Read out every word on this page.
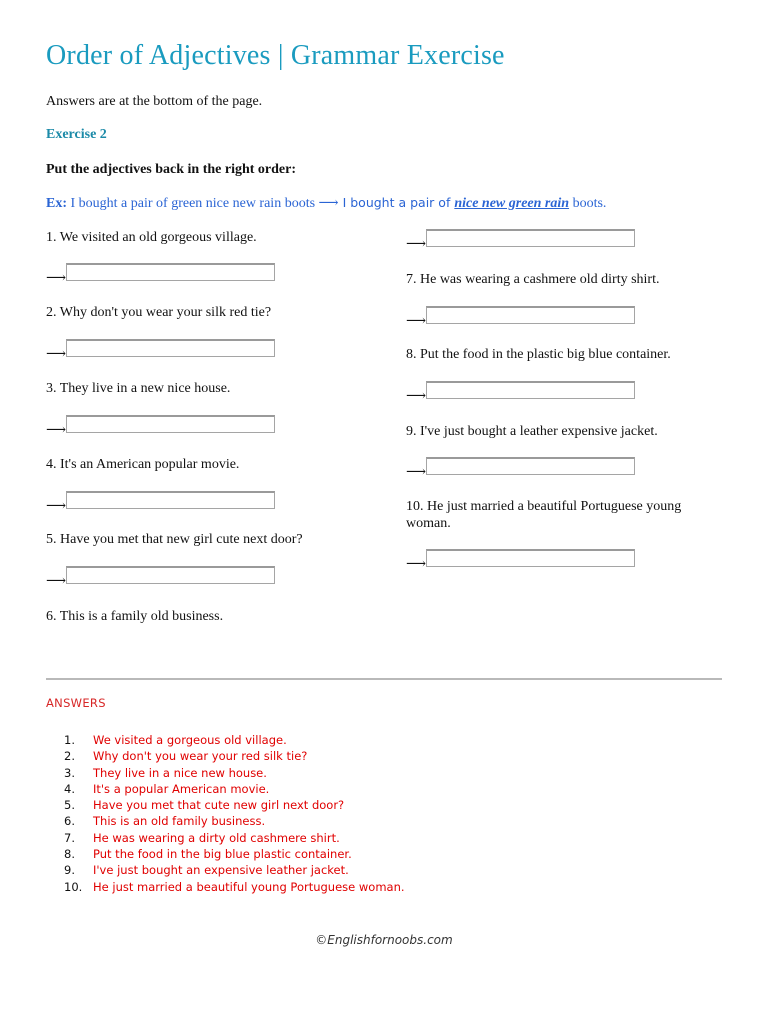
Order of Adjectives | Grammar Exercise
Answers are at the bottom of the page.
Exercise 2
Put the adjectives back in the right order:
Ex: I bought a pair of green nice new rain boots ⟶ I bought a pair of nice new green rain boots.
1. We visited an old gorgeous village.
⟶
2. Why don't you wear your silk red tie?
⟶
3. They live in a new nice house.
⟶
4. It's an American popular movie.
⟶
5. Have you met that new girl cute next door?
⟶
6. This is a family old business.
⟶
7. He was wearing a cashmere old dirty shirt.
⟶
8. Put the food in the plastic big blue container.
⟶
9. I've just bought a leather expensive jacket.
⟶
10. He just married a beautiful Portuguese young woman.
⟶
ANSWERS
1. We visited a gorgeous old village.
2. Why don't you wear your red silk tie?
3. They live in a nice new house.
4. It's a popular American movie.
5. Have you met that cute new girl next door?
6. This is an old family business.
7. He was wearing a dirty old cashmere shirt.
8. Put the food in the big blue plastic container.
9. I've just bought an expensive leather jacket.
10. He just married a beautiful young Portuguese woman.
©Englishfornoobs.com
